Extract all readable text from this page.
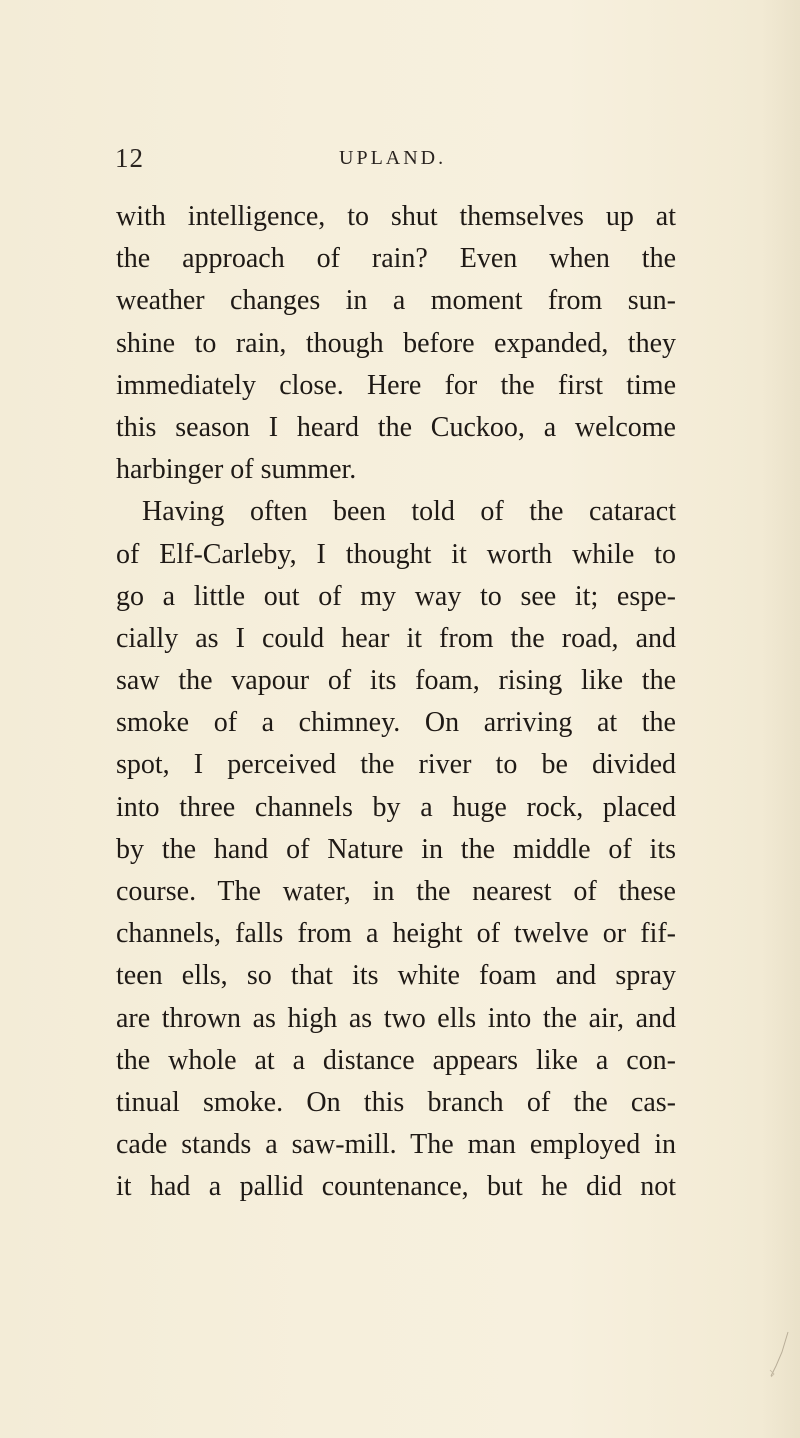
12	UPLAND.
with intelligence, to shut themselves up at
the approach of rain? Even when the
weather changes in a moment from sun-
shine to rain, though before expanded, they
immediately close. Here for the first time
this season I heard the Cuckoo, a welcome
harbinger of summer.
Having often been told of the cataract
of Elf-Carleby, I thought it worth while to
go a little out of my way to see it; espe-
cially as I could hear it from the road, and
saw the vapour of its foam, rising like the
smoke of a chimney. On arriving at the
spot, I perceived the river to be divided
into three channels by a huge rock, placed
by the hand of Nature in the middle of its
course. The water, in the nearest of these
channels, falls from a height of twelve or fif-
teen ells, so that its white foam and spray
are thrown as high as two ells into the air, and
the whole at a distance appears like a con-
tinual smoke. On this branch of the cas-
cade stands a saw-mill. The man employed in
it had a pallid countenance, but he did not
